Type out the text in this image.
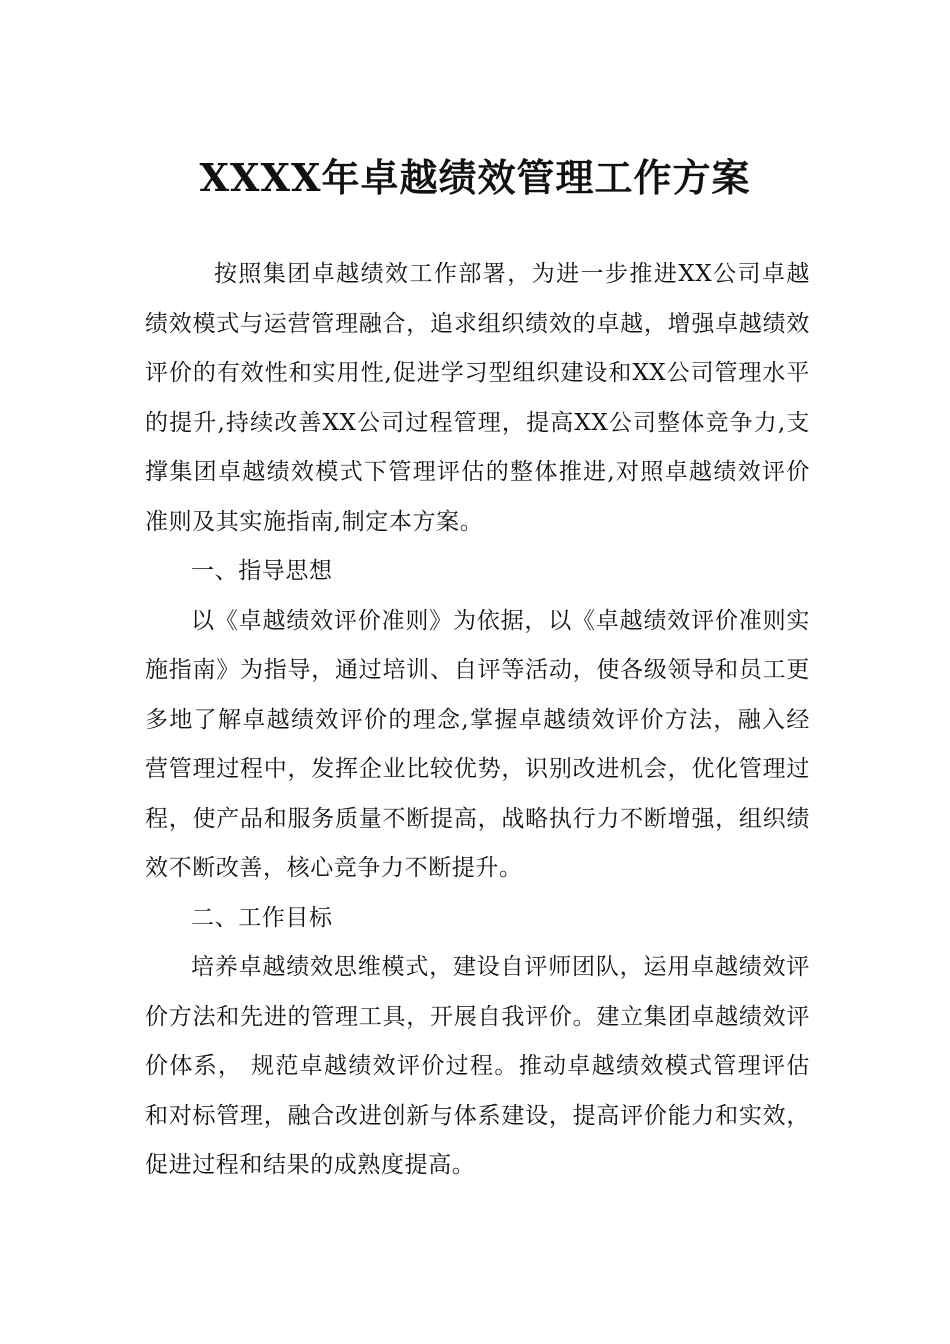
XXXX年卓越绩效管理工作方案

按照集团卓越绩效工作部署，为进一步推进XX公司卓越绩效模式与运营管理融合，追求组织绩效的卓越，增强卓越绩效评价的有效性和实用性,促进学习型组织建设和XX公司管理水平的提升,持续改善XX公司过程管理，提高XX公司整体竞争力,支撑集团卓越绩效模式下管理评估的整体推进,对照卓越绩效评价准则及其实施指南,制定本方案。

一、指导思想

以《卓越绩效评价准则》为依据，以《卓越绩效评价准则实施指南》为指导，通过培训、自评等活动，使各级领导和员工更多地了解卓越绩效评价的理念,掌握卓越绩效评价方法，融入经营管理过程中，发挥企业比较优势，识别改进机会，优化管理过程，使产品和服务质量不断提高，战略执行力不断增强，组织绩效不断改善，核心竞争力不断提升。

二、工作目标

培养卓越绩效思维模式，建设自评师团队，运用卓越绩效评价方法和先进的管理工具，开展自我评价。建立集团卓越绩效评价体系， 规范卓越绩效评价过程。推动卓越绩效模式管理评估和对标管理，融合改进创新与体系建设，提高评价能力和实效，促进过程和结果的成熟度提高。
